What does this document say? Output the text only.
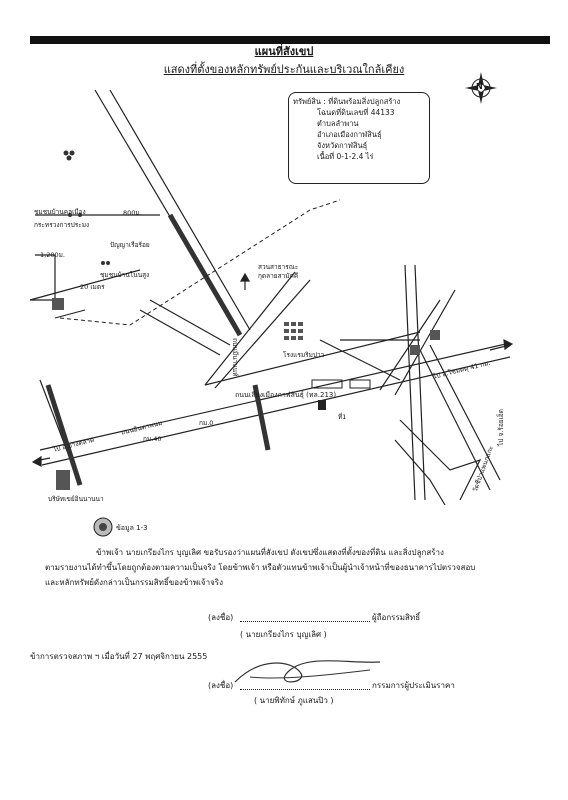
แผนที่สังเขป
แสดงที่ตั้งของหลักทรัพย์ประกันและบริเวณใกล้เคียง
N
ทรัพย์สิน : ที่ดินพร้อมสิ่งปลูกสร้าง
โฉนดที่ดินเลขที่ 44133
ตำบลลำพาน
อำเภอเมืองกาฬสินธุ์
จังหวัดกาฬสินธุ์
เนื้อที่ 0-1-2.4 ไร่
ถนนเลี่ยงเมืองกาฬสินธุ์ (ทล.213)
ถนนอินตาพนม
ถนนมีนานนท์
ไป อ.ยางตลาด
ไป อ.โซมตดุ 41 กม.
ไป จ.ร้อยเอ็ด
กม.40
กม.0
โรงแรมริมปาว
สวนสาธารณะ
กุดลายสามัคคี
ปัญญาเรือร้อย
ชุมชนบ้านโนนสูง
ชุมชนบ้านคลเมือง
กระทรวงการประมง
บริษัทเขย์อินนานนา
วัดชีป่าแพนกแกะ
800ม.
1,200ม.
20 เมตร
ที่1
ข้อมูล 1-3
ข้าพเจ้า นายเกรียงไกร บุญเลิศ ขอรับรองว่าแผนที่สังเขป ดังเขปซึ่งแสดงที่ตั้งของที่ดิน และสิ่งปลูกสร้าง
ตามรายงานได้ทำขึ้นโดยถูกต้องตามความเป็นจริง โดยข้าพเจ้า หรือตัวแทนข้าพเจ้าเป็นผู้นำเจ้าหน้าที่ของธนาคารไปตรวจสอบ
และหลักทรัพย์ดังกล่าวเป็นกรรมสิทธิ์ของข้าพเจ้าจริง
(ลงชื่อ)	ผู้ถือกรรมสิทธิ์
( นายเกรียงไกร บุญเลิศ )
ข้าการตรวจสภาพ ฯ เมื่อวันที่ 27 พฤศจิกายน 2555
(ลงชื่อ)	กรรมการผู้ประเมินราคา
( นายพิทักษ์ ภูแสนปิว )
